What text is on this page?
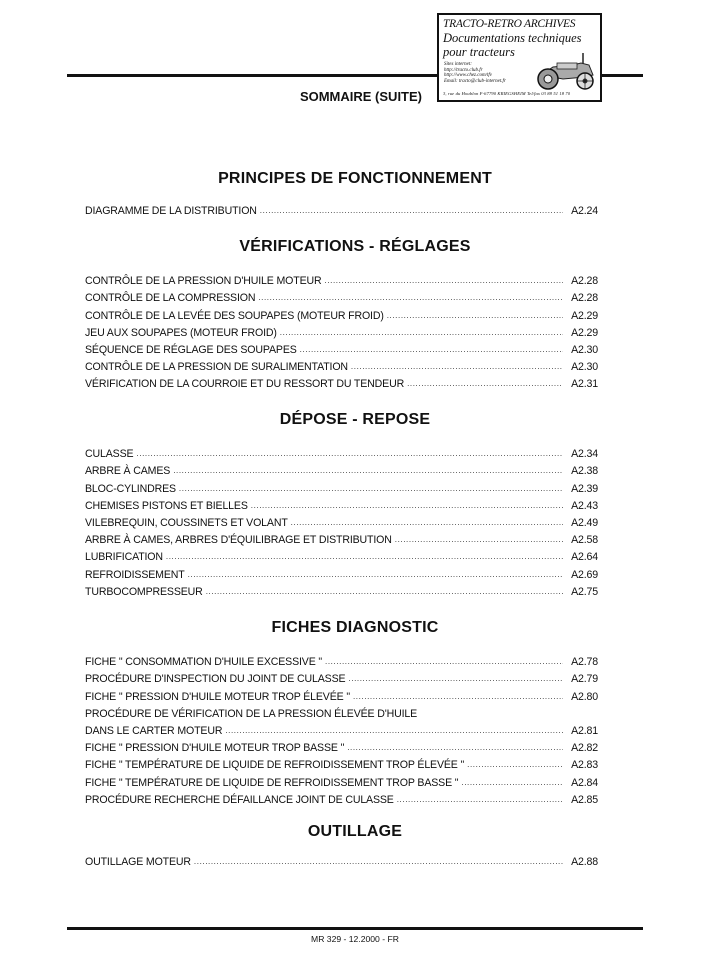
TRACTO-RETRO ARCHIVES
Documentations techniques
pour tracteurs
Sites internet:
http://tracto.club.fr
http://www.chez.com/tfv
Email: tracto@club-internet.fr
3, rue du Houblon F-67790 KRIEGSHEIM Tel/fax 03 88 51 18 70
SOMMAIRE (SUITE)
PRINCIPES DE FONCTIONNEMENT
DIAGRAMME DE LA DISTRIBUTION .....	A2.24
VÉRIFICATIONS - RÉGLAGES
CONTRÔLE DE LA PRESSION D'HUILE MOTEUR .....	A2.28
CONTRÔLE DE LA COMPRESSION .....	A2.28
CONTRÔLE DE LA LEVÉE DES SOUPAPES (MOTEUR FROID) .....	A2.29
JEU AUX SOUPAPES (MOTEUR FROID) .....	A2.29
SÉQUENCE DE RÉGLAGE DES SOUPAPES .....	A2.30
CONTRÔLE DE LA PRESSION DE SURALIMENTATION .....	A2.30
VÉRIFICATION DE LA COURROIE ET DU RESSORT DU TENDEUR .....	A2.31
DÉPOSE - REPOSE
CULASSE .....	A2.34
ARBRE À CAMES .....	A2.38
BLOC-CYLINDRES .....	A2.39
CHEMISES PISTONS ET BIELLES .....	A2.43
VILEBREQUIN, COUSSINETS ET VOLANT .....	A2.49
ARBRE À CAMES, ARBRES D'ÉQUILIBRAGE ET DISTRIBUTION .....	A2.58
LUBRIFICATION .....	A2.64
REFROIDISSEMENT .....	A2.69
TURBOCOMPRESSEUR .....	A2.75
FICHES DIAGNOSTIC
FICHE " CONSOMMATION D'HUILE EXCESSIVE " .....	A2.78
PROCÉDURE D'INSPECTION DU JOINT DE CULASSE .....	A2.79
FICHE " PRESSION D'HUILE MOTEUR TROP ÉLEVÉE " .....	A2.80
PROCÉDURE DE VÉRIFICATION DE LA PRESSION ÉLEVÉE D'HUILE
DANS LE CARTER MOTEUR .....	A2.81
FICHE " PRESSION D'HUILE MOTEUR TROP BASSE " .....	A2.82
FICHE " TEMPÉRATURE DE LIQUIDE DE REFROIDISSEMENT TROP ÉLEVÉE " .....	A2.83
FICHE " TEMPÉRATURE DE LIQUIDE DE REFROIDISSEMENT TROP BASSE " .....	A2.84
PROCÉDURE RECHERCHE DÉFAILLANCE JOINT DE CULASSE .....	A2.85
OUTILLAGE
OUTILLAGE MOTEUR .....	A2.88
MR 329 - 12.2000 - FR
